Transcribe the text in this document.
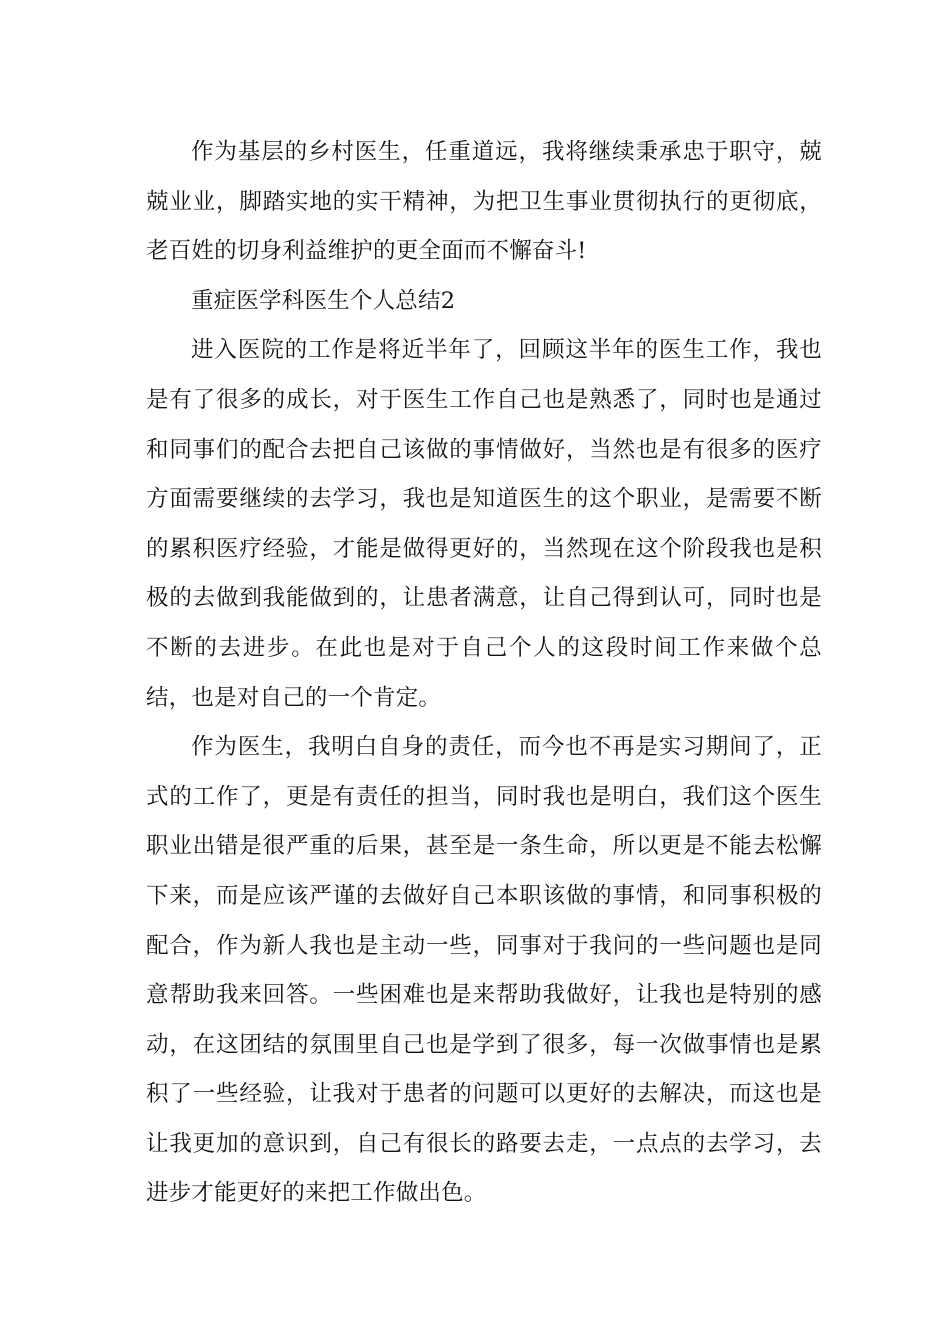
作为基层的乡村医生，任重道远，我将继续秉承忠于职守，兢兢业业，脚踏实地的实干精神，为把卫生事业贯彻执行的更彻底，老百姓的切身利益维护的更全面而不懈奋斗!

重症医学科医生个人总结2

进入医院的工作是将近半年了，回顾这半年的医生工作，我也是有了很多的成长，对于医生工作自己也是熟悉了，同时也是通过和同事们的配合去把自己该做的事情做好，当然也是有很多的医疗方面需要继续的去学习，我也是知道医生的这个职业，是需要不断的累积医疗经验，才能是做得更好的，当然现在这个阶段我也是积极的去做到我能做到的，让患者满意，让自己得到认可，同时也是不断的去进步。在此也是对于自己个人的这段时间工作来做个总结，也是对自己的一个肯定。

作为医生，我明白自身的责任，而今也不再是实习期间了，正式的工作了，更是有责任的担当，同时我也是明白，我们这个医生职业出错是很严重的后果，甚至是一条生命，所以更是不能去松懈下来，而是应该严谨的去做好自己本职该做的事情，和同事积极的配合，作为新人我也是主动一些，同事对于我问的一些问题也是同意帮助我来回答。一些困难也是来帮助我做好，让我也是特别的感动，在这团结的氛围里自己也是学到了很多，每一次做事情也是累积了一些经验，让我对于患者的问题可以更好的去解决，而这也是让我更加的意识到，自己有很长的路要去走，一点点的去学习，去进步才能更好的来把工作做出色。
